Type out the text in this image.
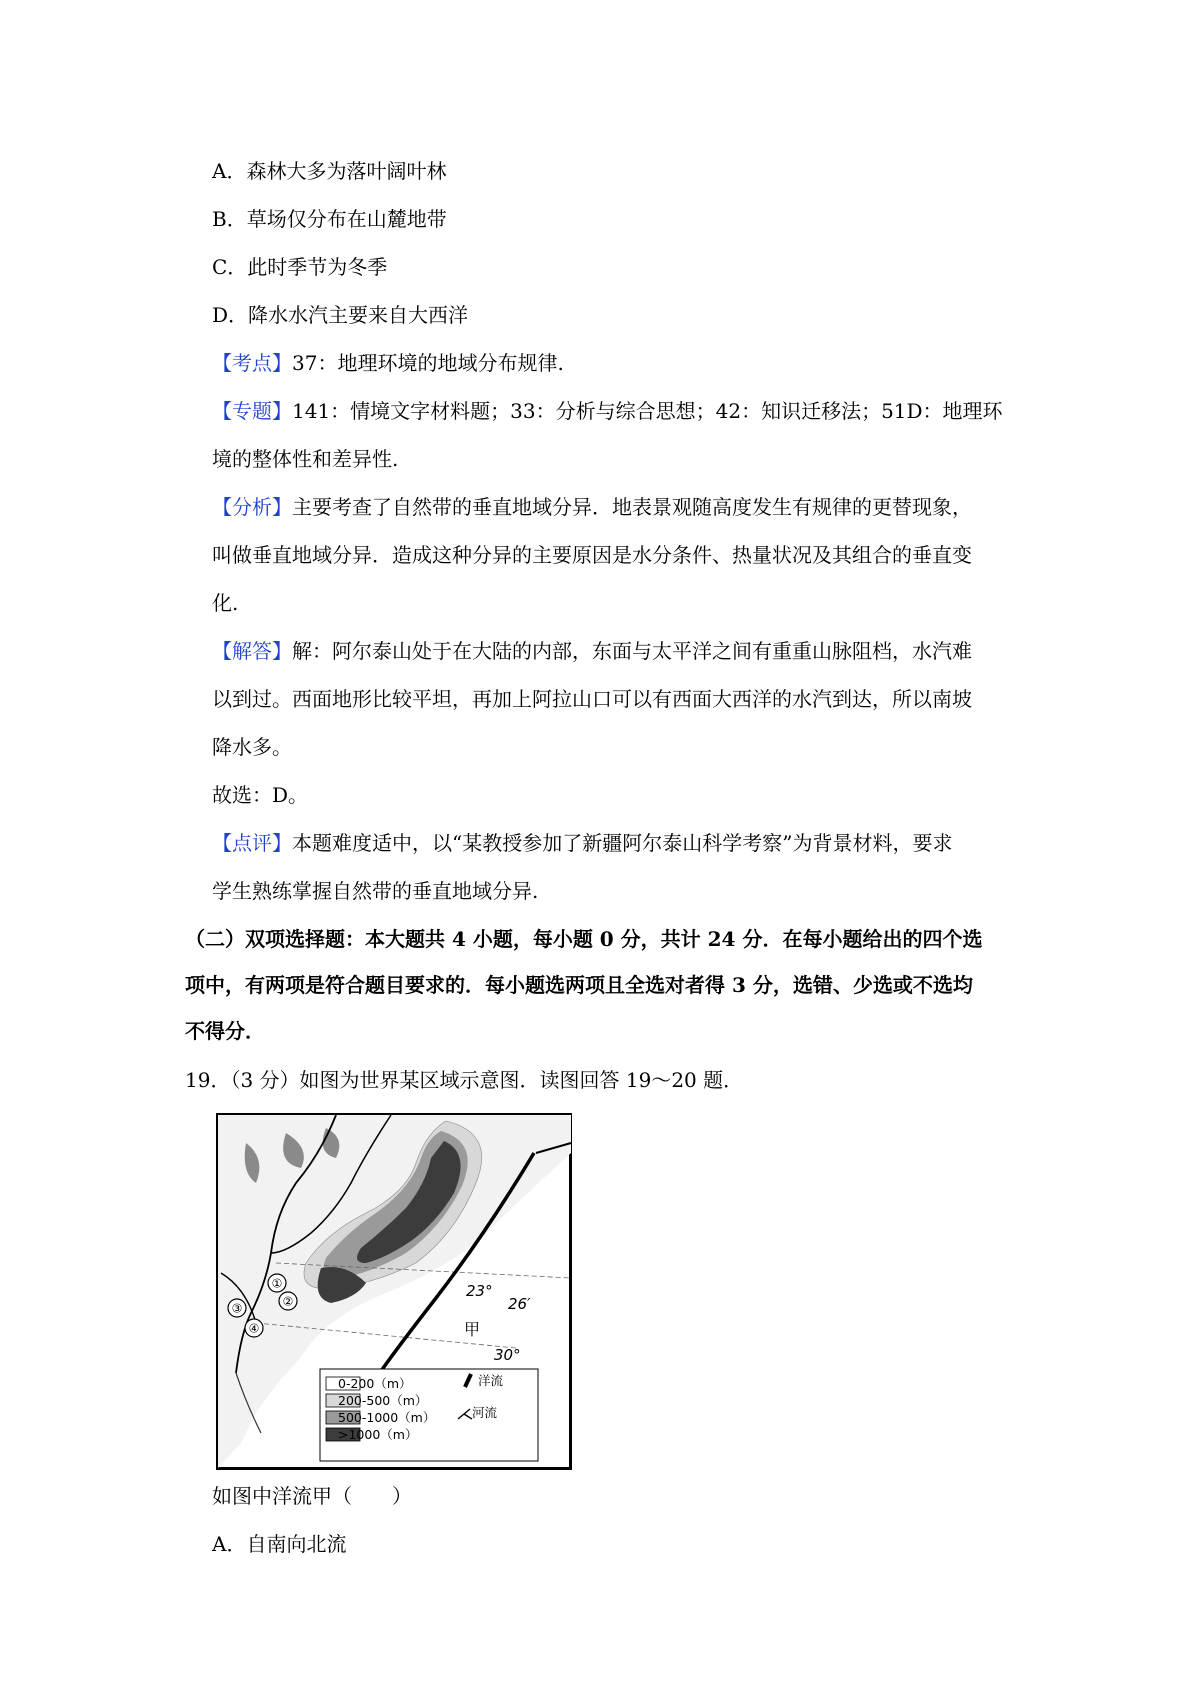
A．森林大多为落叶阔叶林
B．草场仅分布在山麓地带
C．此时季节为冬季
D．降水水汽主要来自大西洋
【考点】37：地理环境的地域分布规律.
【专题】141：情境文字材料题；33：分析与综合思想；42：知识迁移法；51D：地理环
境的整体性和差异性.
【分析】主要考查了自然带的垂直地域分异．地表景观随高度发生有规律的更替现象，
叫做垂直地域分异．造成这种分异的主要原因是水分条件、热量状况及其组合的垂直变
化.
【解答】解：阿尔泰山处于在大陆的内部，东面与太平洋之间有重重山脉阻档，水汽难
以到过。西面地形比较平坦，再加上阿拉山口可以有西面大西洋的水汽到达，所以南坡
降水多。
故选：D。
【点评】本题难度适中，以“某教授参加了新疆阿尔泰山科学考察”为背景材料，要求
学生熟练掌握自然带的垂直地域分异.
（二）双项选择题：本大题共 4 小题，每小题 0 分，共计 24 分．在每小题给出的四个选
项中，有两项是符合题目要求的．每小题选两项且全选对者得 3 分，选错、少选或不选均
不得分．
19．（3 分）如图为世界某区域示意图．读图回答 19～20 题．
23°
26′
30°
甲
①
②
③
④
0-200（m）
200-500（m）
500-1000（m）
>1000（m）
洋流
河流
如图中洋流甲（　　）
A．自南向北流
